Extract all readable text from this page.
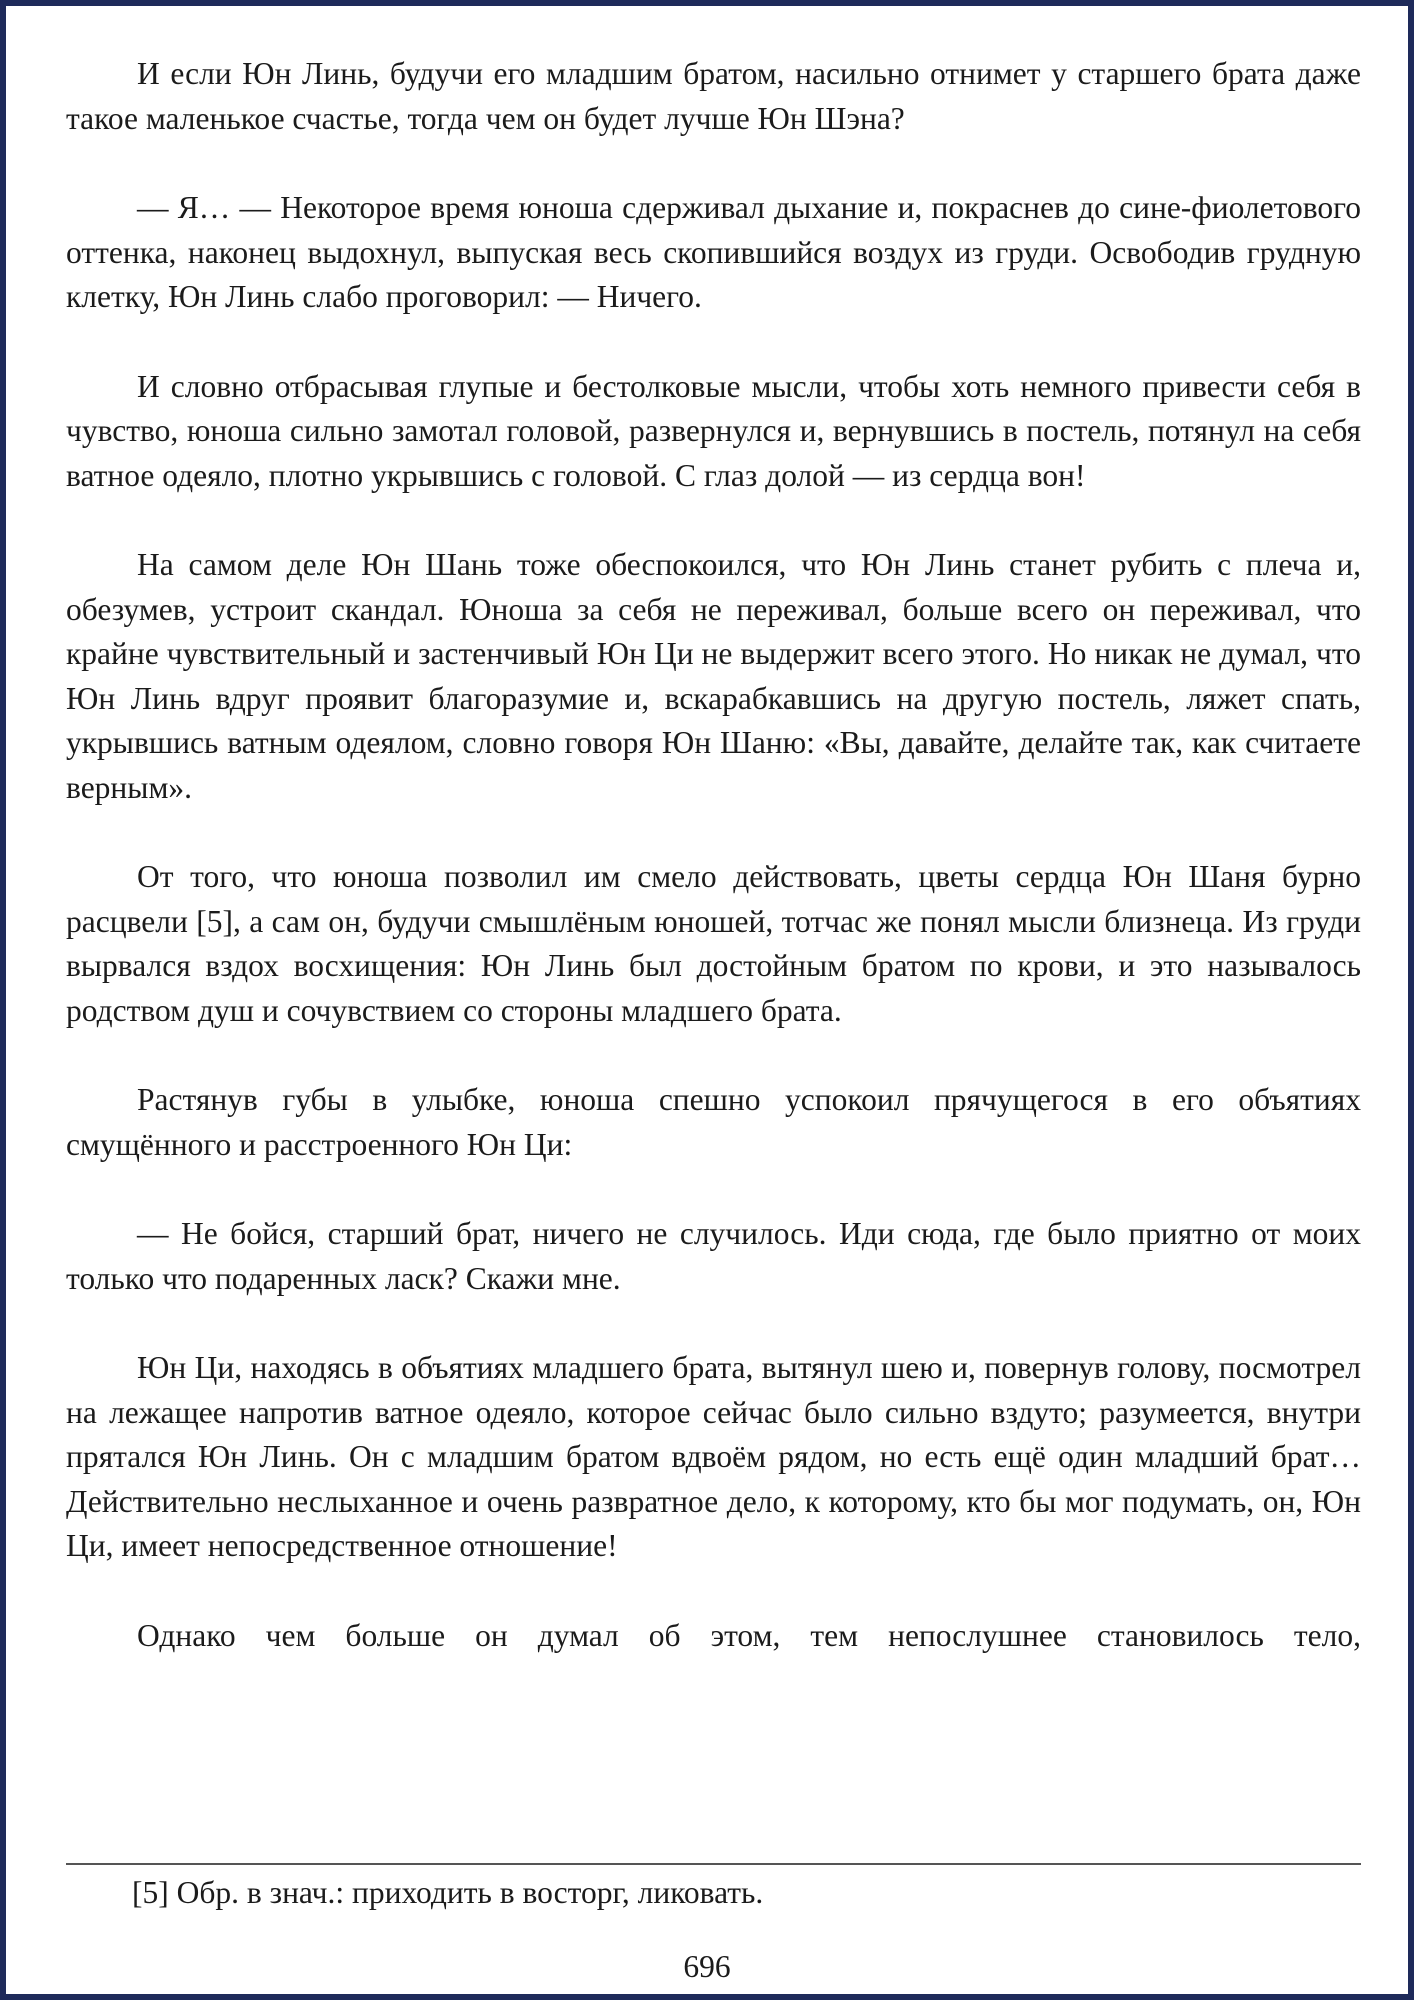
И если Юн Линь, будучи его младшим братом, насильно отнимет у старшего брата даже такое маленькое счастье, тогда чем он будет лучше Юн Шэна?

— Я… — Некоторое время юноша сдерживал дыхание и, покраснев до сине-фиолетового оттенка, наконец выдохнул, выпуская весь скопившийся воздух из груди. Освободив грудную клетку, Юн Линь слабо проговорил: — Ничего.

И словно отбрасывая глупые и бестолковые мысли, чтобы хоть немного привести себя в чувство, юноша сильно замотал головой, развернулся и, вернувшись в постель, потянул на себя ватное одеяло, плотно укрывшись с головой. С глаз долой — из сердца вон!

На самом деле Юн Шань тоже обеспокоился, что Юн Линь станет рубить с плеча и, обезумев, устроит скандал. Юноша за себя не переживал, больше всего он переживал, что крайне чувствительный и застенчивый Юн Ци не выдержит всего этого. Но никак не думал, что Юн Линь вдруг проявит благоразумие и, вскарабкавшись на другую постель, ляжет спать, укрывшись ватным одеялом, словно говоря Юн Шаню: «Вы, давайте, делайте так, как считаете верным».

От того, что юноша позволил им смело действовать, цветы сердца Юн Шаня бурно расцвели [5], а сам он, будучи смышлёным юношей, тотчас же понял мысли близнеца. Из груди вырвался вздох восхищения: Юн Линь был достойным братом по крови, и это называлось родством душ и сочувствием со стороны младшего брата.

Растянув губы в улыбке, юноша спешно успокоил прячущегося в его объятиях смущённого и расстроенного Юн Ци:

— Не бойся, старший брат, ничего не случилось. Иди сюда, где было приятно от моих только что подаренных ласк? Скажи мне.

Юн Ци, находясь в объятиях младшего брата, вытянул шею и, повернув голову, посмотрел на лежащее напротив ватное одеяло, которое сейчас было сильно вздуто; разумеется, внутри прятался Юн Линь. Он с младшим братом вдвоём рядом, но есть ещё один младший брат… Действительно неслыханное и очень развратное дело, к которому, кто бы мог подумать, он, Юн Ци, имеет непосредственное отношение!

Однако чем больше он думал об этом, тем непослушнее становилось тело,

[5] Обр. в знач.: приходить в восторг, ликовать.

696
